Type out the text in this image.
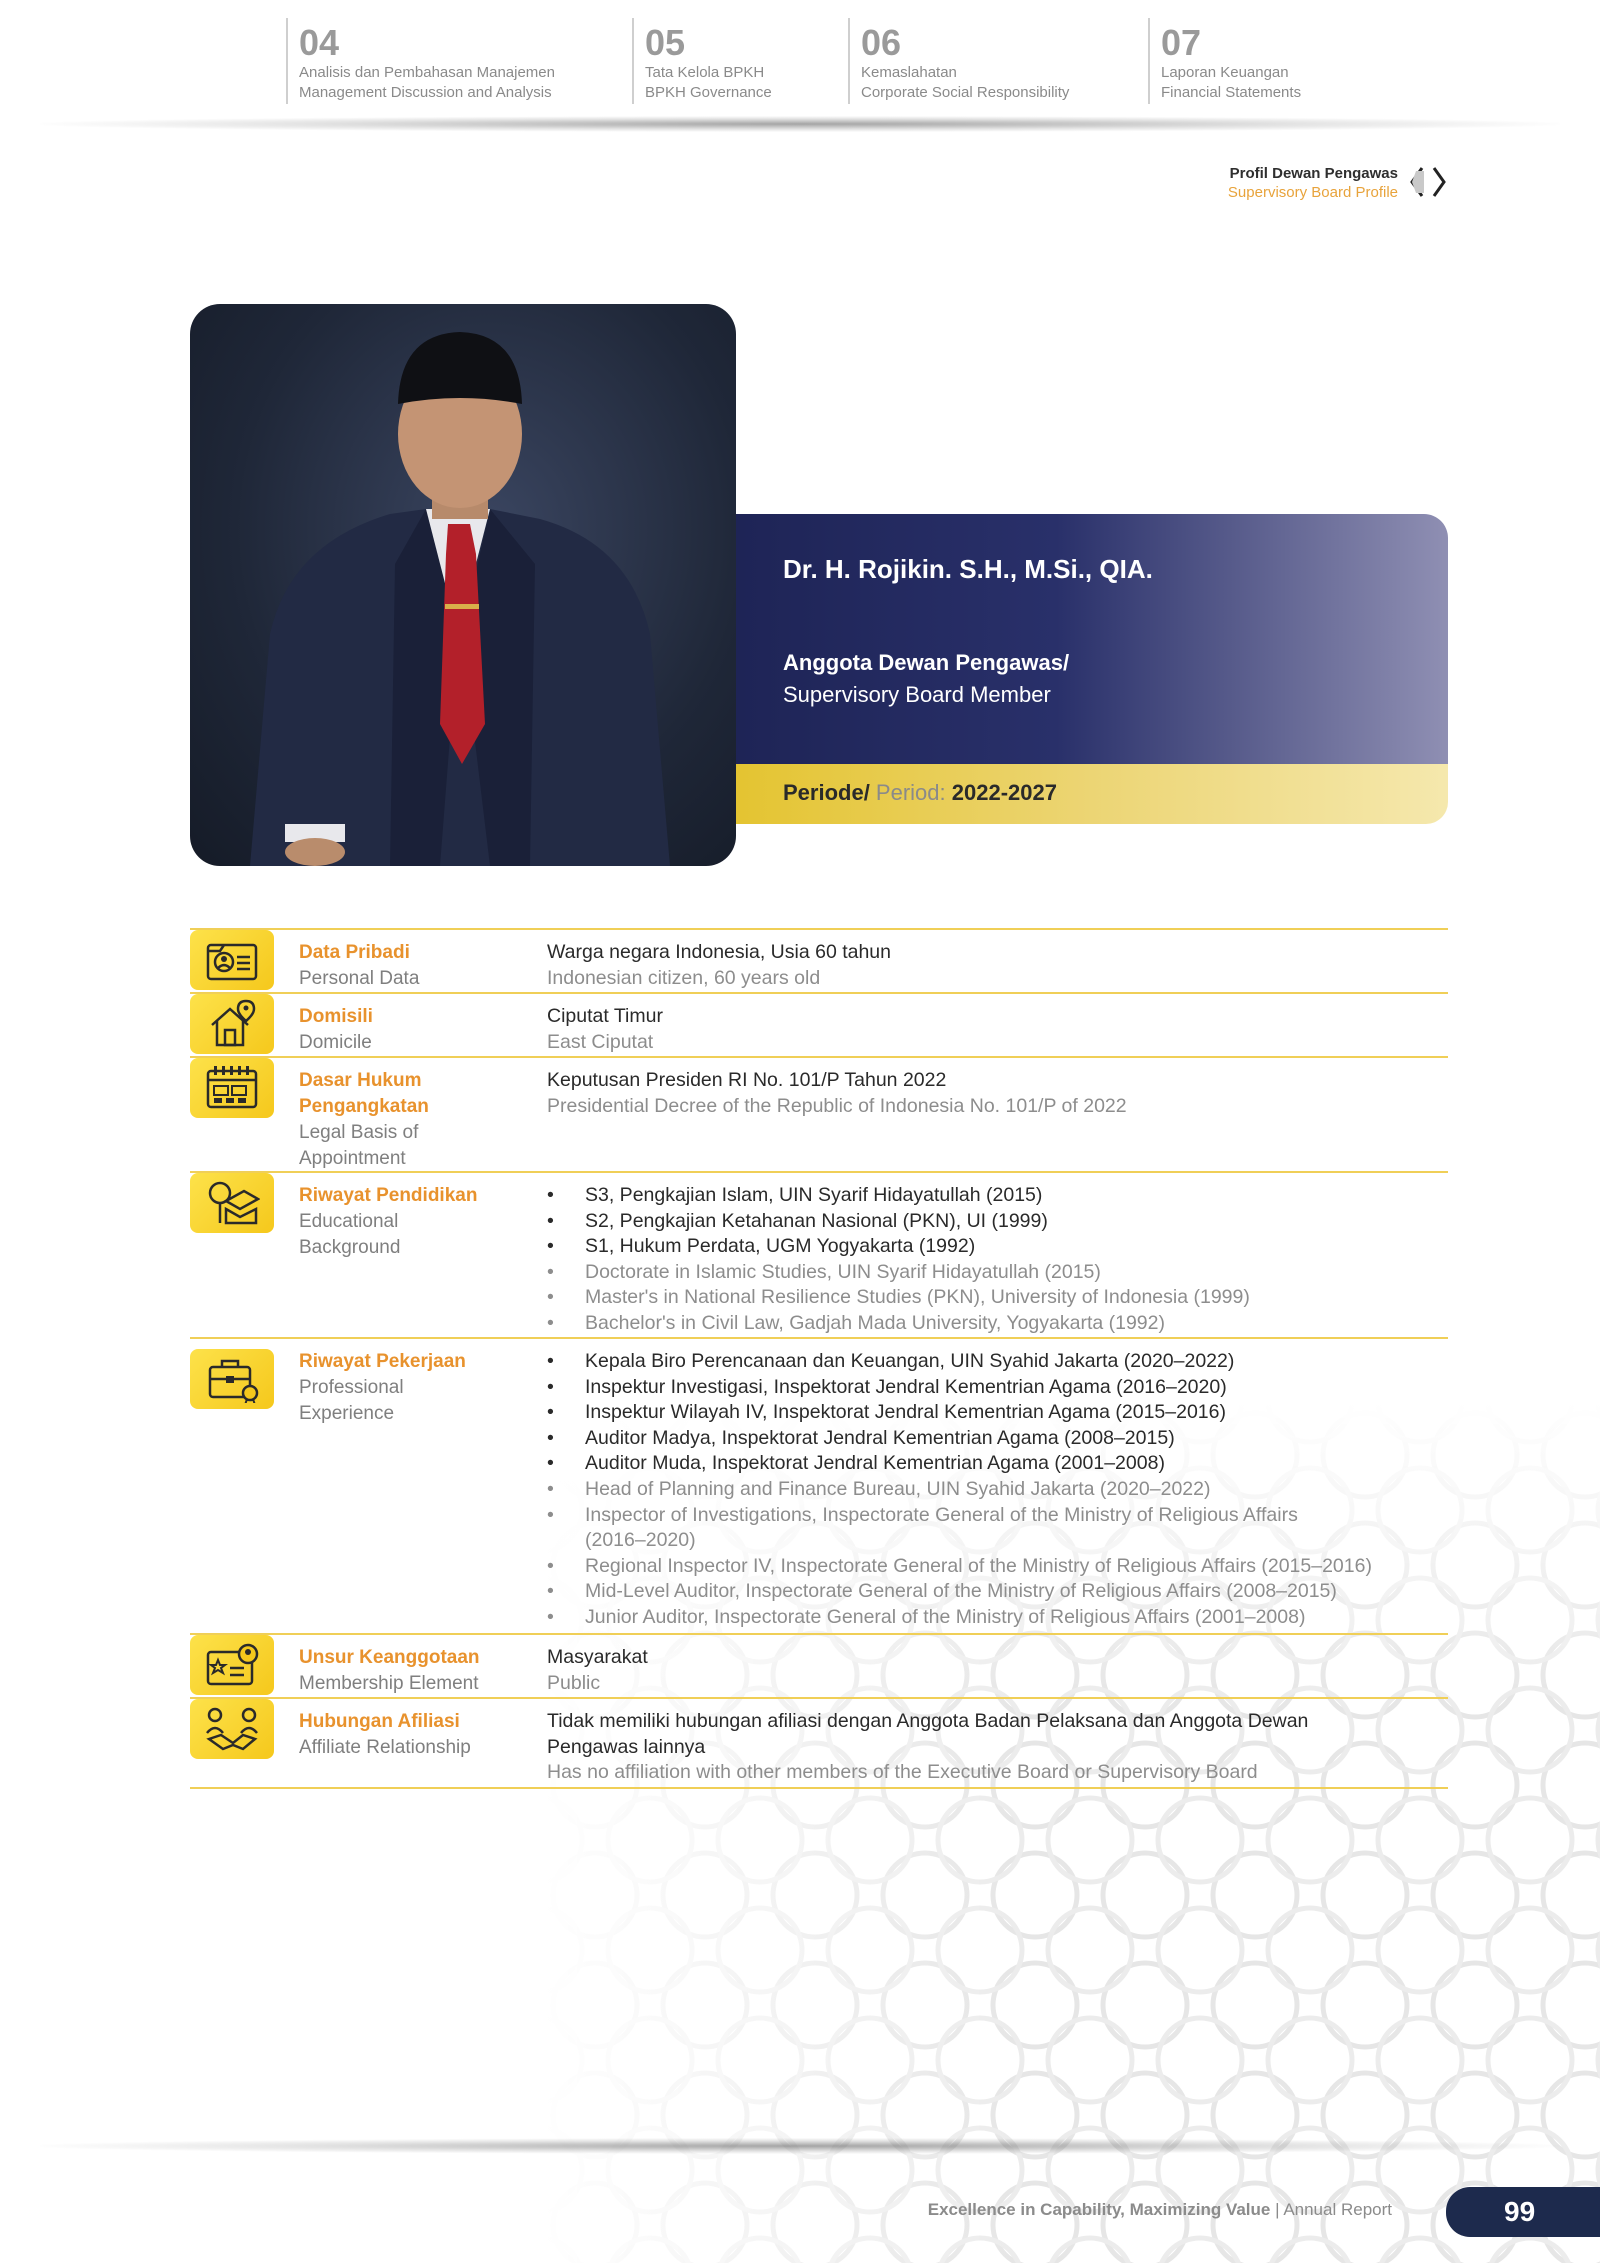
04
Analisis dan Pembahasan Manajemen
Management Discussion and Analysis
05
Tata Kelola BPKH
BPKH Governance
06
Kemaslahatan
Corporate Social Responsibility
07
Laporan Keuangan
Financial Statements
Profil Dewan Pengawas
Supervisory Board Profile
Dr. H. Rojikin. S.H., M.Si., QIA.
Anggota Dewan Pengawas/
Supervisory Board Member
Periode/ Period: 2022-2027
Data Pribadi
Personal Data
Warga negara Indonesia, Usia 60 tahun
Indonesian citizen, 60 years old
Domisili
Domicile
Ciputat Timur
East Ciputat
Dasar Hukum Pengangkatan
Legal Basis of Appointment
Keputusan Presiden RI No. 101/P Tahun 2022
Presidential Decree of the Republic of Indonesia No. 101/P of 2022
Riwayat Pendidikan
Educational Background
• S3, Pengkajian Islam, UIN Syarif Hidayatullah (2015)
• S2, Pengkajian Ketahanan Nasional (PKN), UI (1999)
• S1, Hukum Perdata, UGM Yogyakarta (1992)
• Doctorate in Islamic Studies, UIN Syarif Hidayatullah (2015)
• Master's in National Resilience Studies (PKN), University of Indonesia (1999)
• Bachelor's in Civil Law, Gadjah Mada University, Yogyakarta (1992)
Riwayat Pekerjaan
Professional Experience
• Kepala Biro Perencanaan dan Keuangan, UIN Syahid Jakarta (2020–2022)
• Inspektur Investigasi, Inspektorat Jendral Kementrian Agama (2016–2020)
• Inspektur Wilayah IV, Inspektorat Jendral Kementrian Agama (2015–2016)
• Auditor Madya, Inspektorat Jendral Kementrian Agama (2008–2015)
• Auditor Muda, Inspektorat Jendral Kementrian Agama (2001–2008)
• Head of Planning and Finance Bureau, UIN Syahid Jakarta (2020–2022)
• Inspector of Investigations, Inspectorate General of the Ministry of Religious Affairs (2016–2020)
• Regional Inspector IV, Inspectorate General of the Ministry of Religious Affairs (2015–2016)
• Mid-Level Auditor, Inspectorate General of the Ministry of Religious Affairs (2008–2015)
• Junior Auditor, Inspectorate General of the Ministry of Religious Affairs (2001–2008)
Unsur Keanggotaan
Membership Element
Masyarakat
Public
Hubungan Afiliasi
Affiliate Relationship
Tidak memiliki hubungan afiliasi dengan Anggota Badan Pelaksana dan Anggota Dewan Pengawas lainnya
Has no affiliation with other members of the Executive Board or Supervisory Board
Excellence in Capability, Maximizing Value | Annual Report	99
